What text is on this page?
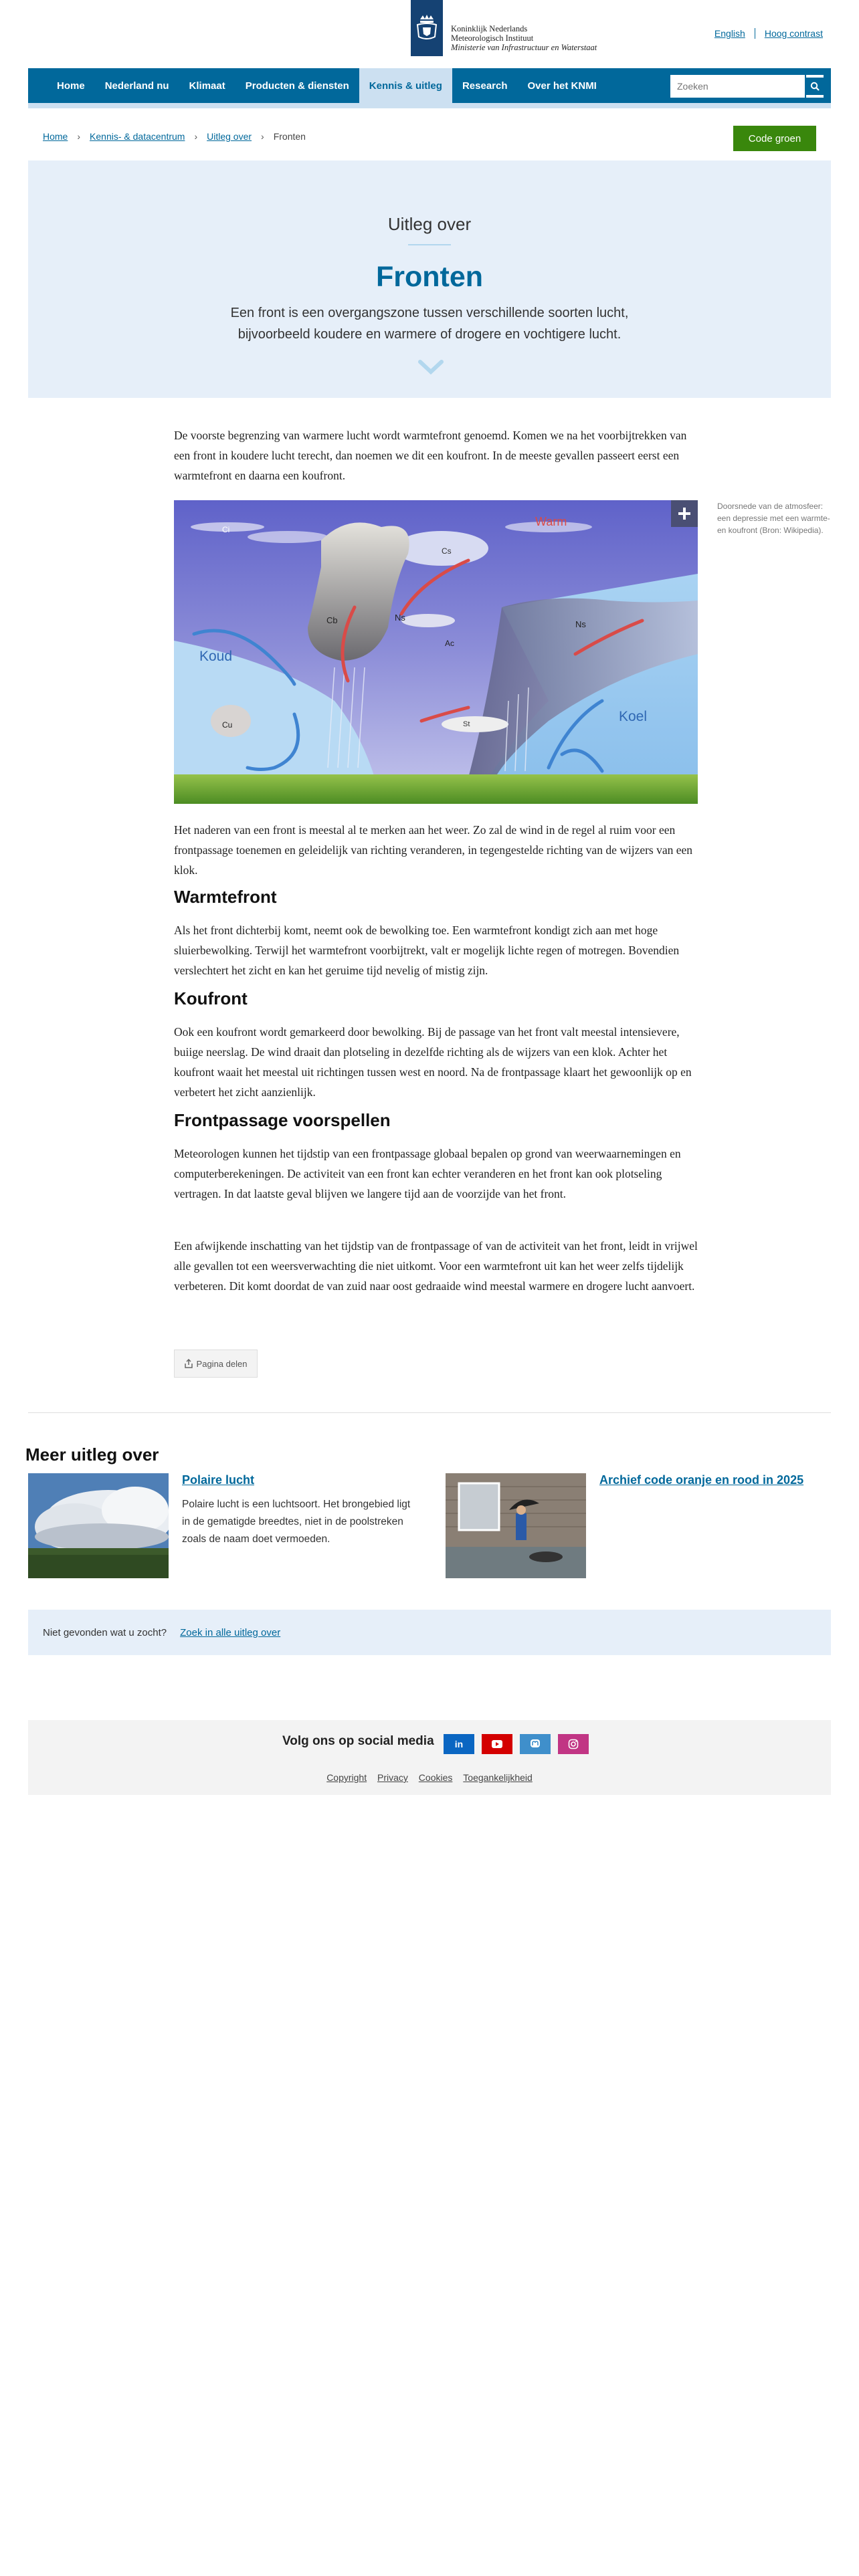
Koninklijk Nederlands
Meteorologisch Instituut
Ministerie van Infrastructuur en Waterstaat
English Hoog contrast
Home	Nederland nu	Klimaat	Producten & diensten	Kennis & uitleg	Research	Over het KNMI
Zoeken
Home › Kennis- & datacentrum › Uitleg over › Fronten	Code groen
Uitleg over
Fronten
Een front is een overgangszone tussen verschillende soorten lucht, bijvoorbeeld koudere en warmere of drogere en vochtigere lucht.

De voorste begrenzing van warmere lucht wordt warmtefront genoemd. Komen we na het voorbijtrekken van een front in koudere lucht terecht, dan noemen we dit een koufront. In de meeste gevallen passeert eerst een warmtefront en daarna een koufront.

Ci
Cs
Warm
Cb	Ns
Ac
Ns
Koud
Cu
Koel
St
Doorsnede van de atmosfeer: een depressie met een warmte- en koufront (Bron: Wikipedia).
Het naderen van een front is meestal al te merken aan het weer. Zo zal de wind in de regel al ruim voor een frontpassage toenemen en geleidelijk van richting veranderen, in tegengestelde richting van de wijzers van een klok.
Warmtefront
Als het front dichterbij komt, neemt ook de bewolking toe. Een warmtefront kondigt zich aan met hoge sluierbewolking. Terwijl het warmtefront voorbijtrekt, valt er mogelijk lichte regen of motregen. Bovendien verslechtert het zicht en kan het geruime tijd nevelig of mistig zijn.
Koufront
Ook een koufront wordt gemarkeerd door bewolking. Bij de passage van het front valt meestal intensievere, buiige neerslag. De wind draait dan plotseling in dezelfde richting als de wijzers van een klok. Achter het koufront waait het meestal uit richtingen tussen west en noord. Na de frontpassage klaart het gewoonlijk op en verbetert het zicht aanzienlijk.
Frontpassage voorspellen
Meteorologen kunnen het tijdstip van een frontpassage globaal bepalen op grond van weerwaarnemingen en computerberekeningen. De activiteit van een front kan echter veranderen en het front kan ook plotseling vertragen. In dat laatste geval blijven we langere tijd aan de voorzijde van het front.
Een afwijkende inschatting van het tijdstip van de frontpassage of van de activiteit van het front, leidt in vrijwel alle gevallen tot een weersverwachting die niet uitkomt. Voor een warmtefront uit kan het weer zelfs tijdelijk verbeteren. Dit komt doordat de van zuid naar oost gedraaide wind meestal warmere en drogere lucht aanvoert.
Pagina delen
Meer uitleg over
Polaire lucht
Polaire lucht is een luchtsoort. Het brongebied ligt in de gematigde breedtes, niet in de poolstreken zoals de naam doet vermoeden.
Archief code oranje en rood in 2025
Niet gevonden wat u zocht? Zoek in alle uitleg over
Volg ons op social media in
Copyright Privacy Cookies Toegankelijkheid
